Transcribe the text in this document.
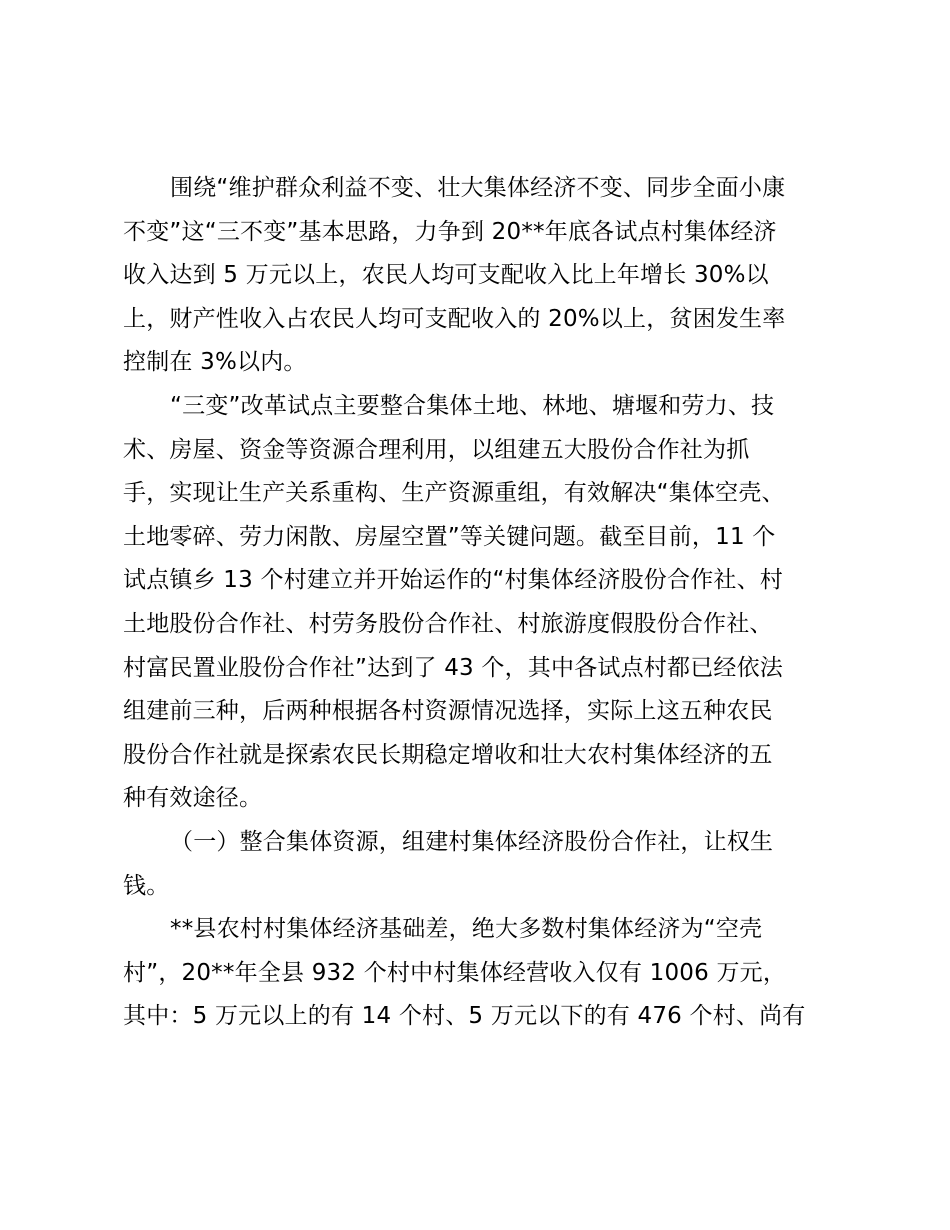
围绕“维护群众利益不变、壮大集体经济不变、同步全面小康
不变”这“三不变”基本思路，力争到 20**年底各试点村集体经济
收入达到 5 万元以上，农民人均可支配收入比上年增长 30%以
上，财产性收入占农民人均可支配收入的 20%以上，贫困发生率
控制在 3%以内。
“三变”改革试点主要整合集体土地、林地、塘堰和劳力、技
术、房屋、资金等资源合理利用，以组建五大股份合作社为抓
手，实现让生产关系重构、生产资源重组，有效解决“集体空壳、
土地零碎、劳力闲散、房屋空置”等关键问题。截至目前，11 个
试点镇乡 13 个村建立并开始运作的“村集体经济股份合作社、村
土地股份合作社、村劳务股份合作社、村旅游度假股份合作社、
村富民置业股份合作社”达到了 43 个，其中各试点村都已经依法
组建前三种，后两种根据各村资源情况选择，实际上这五种农民
股份合作社就是探索农民长期稳定增收和壮大农村集体经济的五
种有效途径。
（一）整合集体资源，组建村集体经济股份合作社，让权生
钱。
**县农村村集体经济基础差，绝大多数村集体经济为“空壳
村”，20**年全县 932 个村中村集体经营收入仅有 1006 万元，
其中：5 万元以上的有 14 个村、5 万元以下的有 476 个村、尚有
